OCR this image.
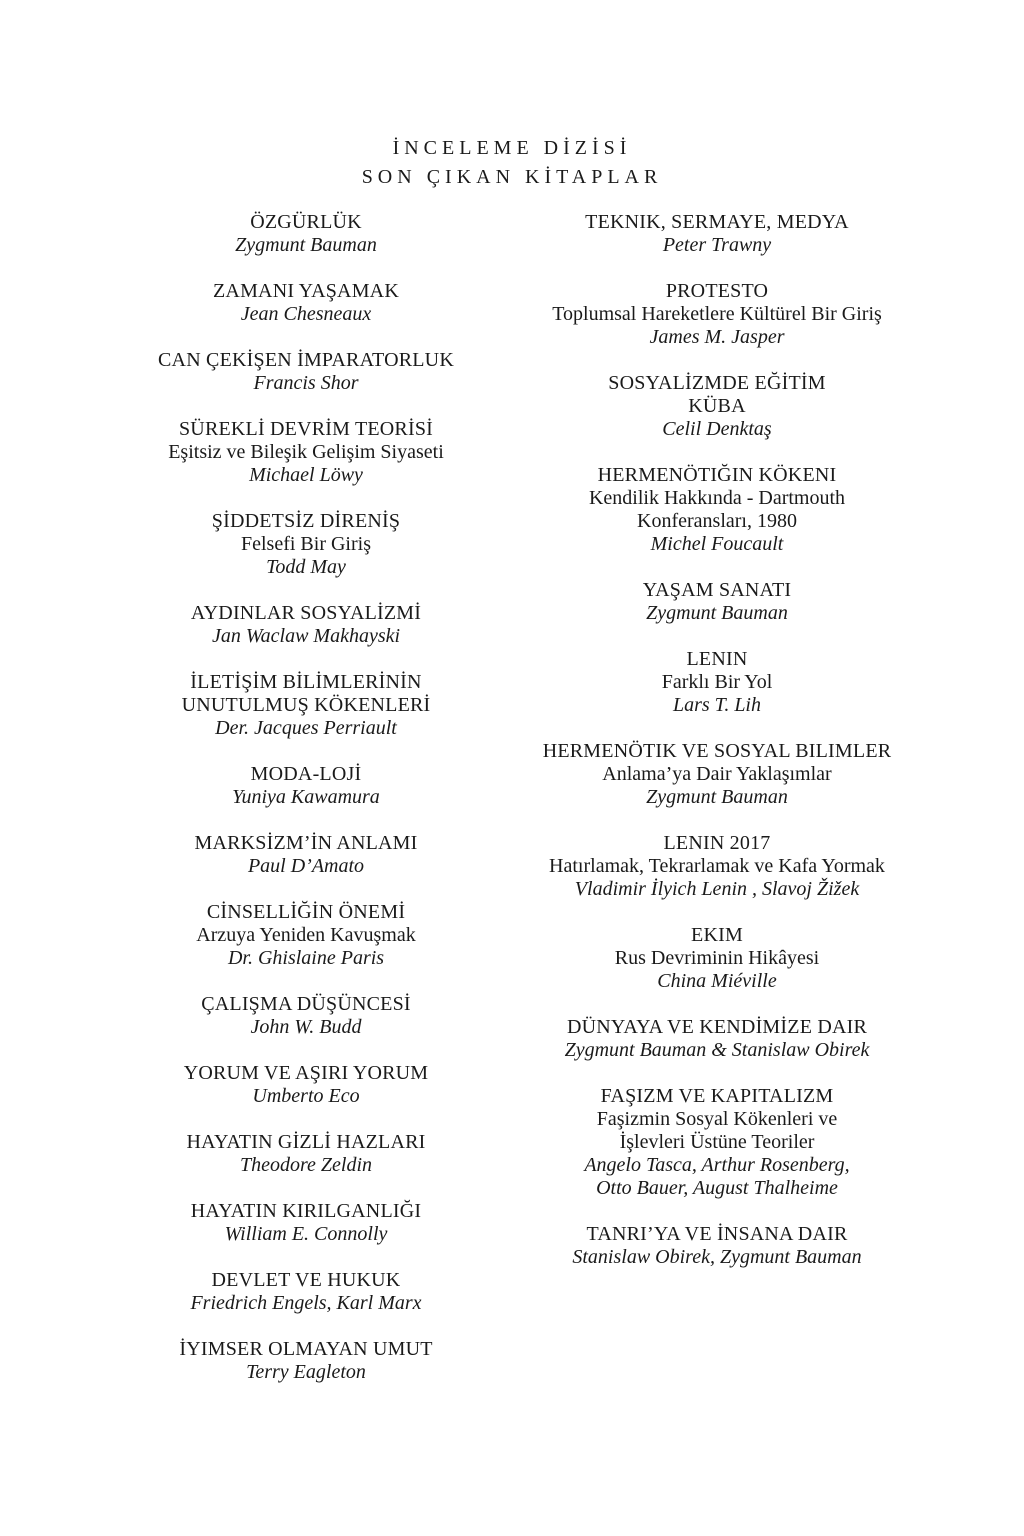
İNCELEME DİZİSİ

SON ÇIKAN KİTAPLAR

ÖZGÜRLÜK

Zygmunt Bauman

ZAMANI YAŞAMAK

Jean Chesneaux

CAN ÇEKİŞEN İMPARATORLUK

Francis Shor

SÜREKLİ DEVRİM TEORİSİ

Eşitsiz ve Bileşik Gelişim Siyaseti

Michael Löwy

ŞİDDETSİZ DİRENİŞ

Felsefi Bir Giriş

Todd May

AYDINLAR SOSYALİZMİ

Jan Waclaw Makhayski

İLETİŞİM BİLİMLERİNİN

UNUTULMUŞ KÖKENLERİ

Der. Jacques Perriault

MODA-LOJİ

Yuniya Kawamura

MARKSİZM’İN ANLAMI

Paul D’Amato

CİNSELLİĞİN ÖNEMİ

Arzuya Yeniden Kavuşmak

Dr. Ghislaine Paris

ÇALIŞMA DÜŞÜNCESİ

John W. Budd

YORUM VE AŞIRI YORUM

Umberto Eco

HAYATIN GİZLİ HAZLARI

Theodore Zeldin

HAYATIN KIRILGANLIĞI

William E. Connolly

DEVLET VE HUKUK

Friedrich Engels, Karl Marx

İYIMSER OLMAYAN UMUT

Terry Eagleton

TEKNIK, SERMAYE, MEDYA

Peter Trawny

PROTESTO

Toplumsal Hareketlere Kültürel Bir Giriş

James M. Jasper

SOSYALİZMDE EĞİTİM

KÜBA

Celil Denktaş

HERMENÖTIĞIN KÖKENI

Kendilik Hakkında - Dartmouth

Konferansları, 1980

Michel Foucault

YAŞAM SANATI

Zygmunt Bauman

LENIN

Farklı Bir Yol

Lars T. Lih

HERMENÖTIK VE SOSYAL BILIMLER

Anlama’ya Dair Yaklaşımlar

Zygmunt Bauman

LENIN 2017

Hatırlamak, Tekrarlamak ve Kafa Yormak

Vladimir İlyich Lenin , Slavoj Žižek

EKIM

Rus Devriminin Hikâyesi

China Miéville

DÜNYAYA VE KENDİMİZE DAIR

Zygmunt Bauman & Stanislaw Obirek

FAŞIZM VE KAPITALIZM

Faşizmin Sosyal Kökenleri ve

İşlevleri Üstüne Teoriler

Angelo Tasca, Arthur Rosenberg,

Otto Bauer, August Thalheime

TANRI’YA VE İNSANA DAIR

Stanislaw Obirek, Zygmunt Bauman
